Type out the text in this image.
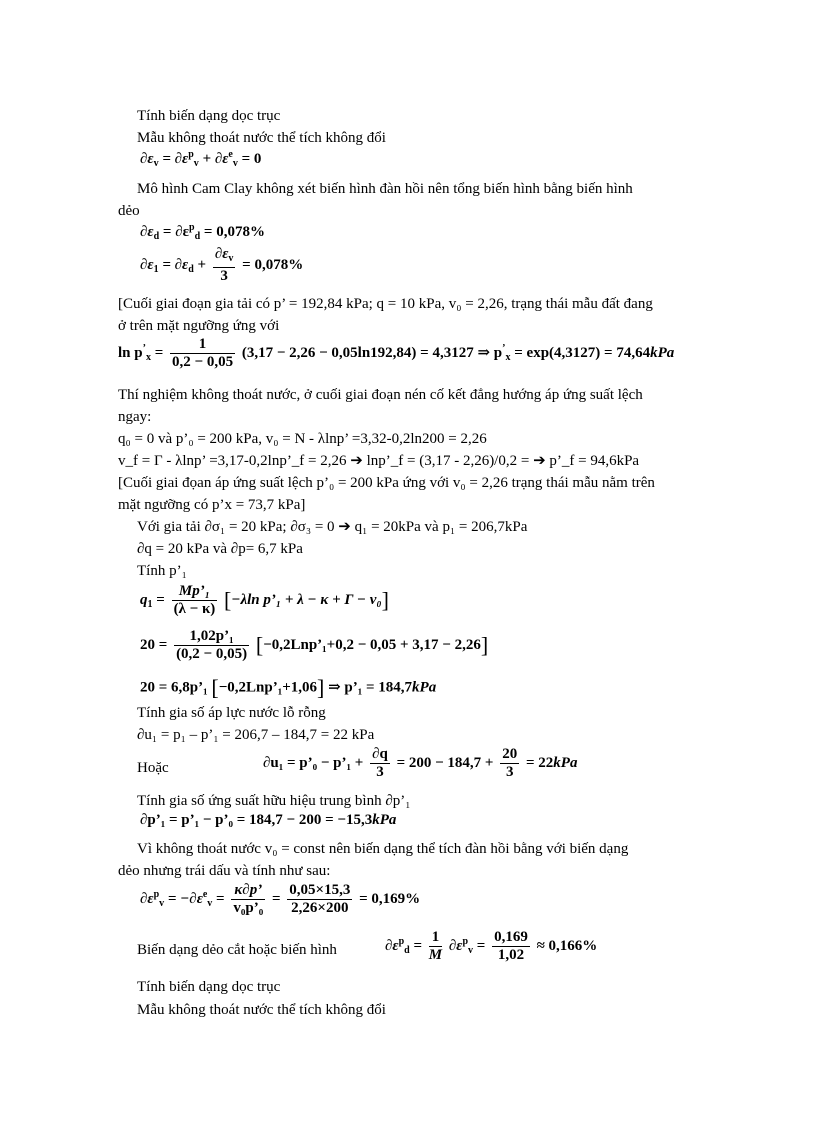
Tính biến dạng dọc trục
Mẫu không thoát nước thể tích không đổi
$\partial\varepsilon_v = \partial\varepsilon^p_v + \partial\varepsilon^e_v = 0$
Mô hình Cam Clay không xét biến hình đàn hồi nên tổng biến hình bằng biến hình
dẻo
$\partial\varepsilon_d = \partial\varepsilon^p_d = 0,078\%$
$\partial\varepsilon_1 = \partial\varepsilon_d + \frac{\partial\varepsilon_v}{3} = 0,078\%$
[Cuối giai đoạn gia tải có p’ = 192,84 kPa; q = 10 kPa, v₀ = 2,26, trạng thái mẫu đất đang
ở trên mặt ngưỡng ứng với
$\ln p^’_x = \frac{1}{0,2 - 0,05} (3,17 - 2,26 - 0,05\ln 192,84) = 4,3127$ ⇒ $p^’_x = \exp(4,3127) = 74,64kPa$
Thí nghiệm không thoát nước, ở cuối giai đoạn nén cố kết đẳng hướng áp ứng suất lệch
ngay:
q₀ = 0 và p’₀ = 200 kPa, v₀ = N - λlnp’ =3,32-0,2ln200 = 2,26
v_f = Γ - λlnp’ =3,17-0,2lnp’_f = 2,26 ➔ lnp’_f = (3,17 - 2,26)/0,2 = ➔ p’_f = 94,6kPa
[Cuối giai đọan áp ứng suất lệch p’₀ = 200 kPa ứng với v₀ = 2,26 trạng thái mẫu nằm trên
mặt ngưỡng có p’x = 73,7 kPa]
Với gia tải ∂σ₁ = 20 kPa; ∂σ₃ = 0 ➔ q₁ = 20kPa và p₁ = 206,7kPa
∂q = 20 kPa và ∂p= 6,7 kPa
Tính p’₁
$q_1 = \frac{\text{Mp’₁}}{(\lambda - \kappa)} [-\lambda\ln$ p’₁ + λ − κ + Γ − v₀]
$20 = \frac{\text{1,02p’₁}}{(0,2 - 0,05)}$ [−0,2Lnp’₁+0,2 − 0,05 + 3,17 − 2,26]
20 = 6,8p’₁ [−0,2Lnp’₁+1,06] ⇒ p’₁ = 184,7kPa
Tính gia số áp lực nước lỗ rỗng
∂u₁ = p₁ – p’₁ = 206,7 – 184,7 = 22 kPa
Hoặc	∂u₁ = p’₀ − p’₁ + $\frac{\partial q}{3} = 200 - 184,7 + \frac{20}{3} = 22kPa$
Tính gia số ứng suất hữu hiệu trung bình ∂p’₁
∂p’₁ = p’₁ − p’₀ = 184,7 − 200 = −15,3kPa
Vì không thoát nước v₀ = const nên biến dạng thể tích đàn hồi bằng với biến dạng
dẻo nhưng trái dấu và tính như sau:
$\partial\varepsilon^p_v = -\partial\varepsilon^e_v = \frac{\kappa\partial p’}{\text{v₀p’₀}} = \frac{0,05\times 15,3}{2,26\times 200} = 0,169\%$
Biến dạng dẻo cắt hoặc biến hình	$\partial\varepsilon^p_d = \frac{1}{M} \partial\varepsilon^p_v = \frac{0,169}{1,02} \approx 0,166\%$
Tính biến dạng dọc trục
Mẫu không thoát nước thể tích không đổi
